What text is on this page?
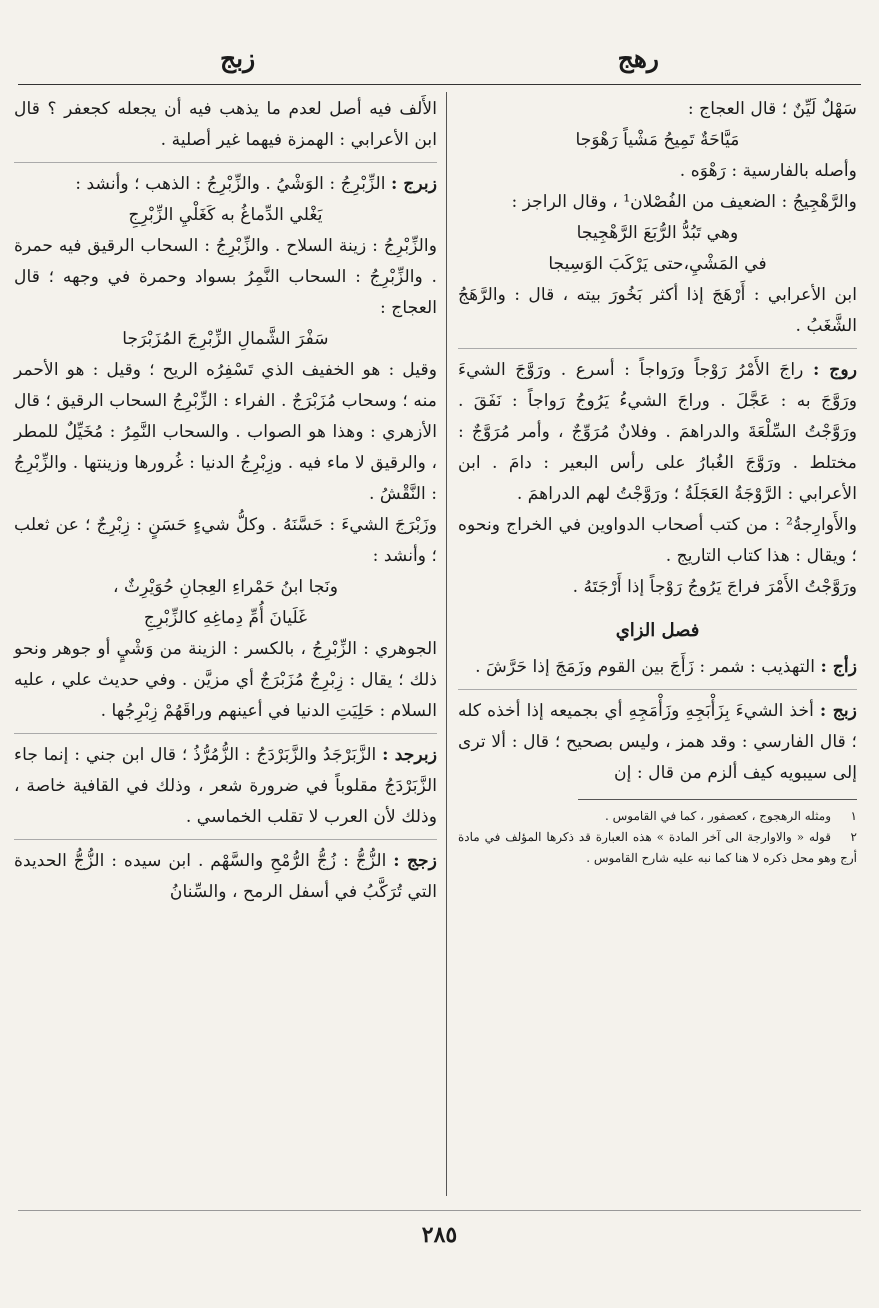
رهج
زبج

سَهْلٌ لَيِّنٌ ؛ قال العجاج :

مَيَّاحَةٌ تَمِيحُ مَشْياً رَهْوَجا

وأصله بالفارسية : رَهْوَه .

والرَّهْجِيجُ : الضعيف من الفُصْلان¹ ، وقال الراجز :

وهي تَبُدُّ الرُّبَعَ الرَّهْجِيجا

في المَشْيِ،حتى يَرْكَبَ الوَسِيجا

ابن الأعرابي : أَرْهَجَ إذا أكثر بَخُورَ بيته ، قال : والرَّهَجُ الشَّغَبُ .

روج : راجَ الأَمْرُ رَوْجاً ورَواجاً : أسرع . ورَوَّجَ الشيءَ ورَوَّجَ به : عَجَّلَ . وراجَ الشيءُ يَرُوجُ رَواجاً : نَفَقَ . ورَوَّجْتُ السِّلْعَةَ والدراهمَ . وفلانٌ مُرَوِّجٌ ، وأمر مُرَوَّجٌ : مختلط . ورَوَّجَ الغُبارُ على رأس البعير : دامَ . ابن الأعرابي : الرَّوْجَةُ العَجَلَةُ ؛ ورَوَّجْتُ لهم الدراهمَ .

والأَوارِجةُ² : من كتب أصحاب الدواوين في الخراج ونحوه ؛ ويقال : هذا كتاب التاريج .

ورَوَّجْتُ الأَمْرَ فراجَ يَرُوجُ رَوْجاً إذا أَرْجَتَهُ .

فصل الزاي

زأج : التهذيب : شمر : زَأَجَ بين القوم وزَمَجَ إذا حَرَّشَ .

زبج : أخذ الشيءَ بِزَأْبَجِهِ وزَأْمَجِهِ أي بجميعه إذا أخذه كله ؛ قال الفارسي : وقد همز ، وليس بصحيح ؛ قال : ألا ترى إلى سيبويه كيف ألزم من قال : إن

١ومثله الرهجوج ، كعصفور ، كما في القاموس .
٢قوله « والاوارجة الى آخر المادة » هذه العبارة قد ذكرها المؤلف في مادة أرج وهو محل ذكره لا هنا كما نبه عليه شارح القاموس .

الأَلف فيه أصل لعدم ما يذهب فيه أن يجعله كجعفر ؟ قال ابن الأعرابي : الهمزة فيهما غير أصلية .

زبرج : الزِّبْرِجُ : الوَشْيُ . والزِّبْرِجُ : الذهب ؛ وأنشد :

يَغْلي الدِّماغُ به كَغَلْيِ الزِّبْرِجِ

والزِّبْرِجُ : زينة السلاح . والزِّبْرِجُ : السحاب الرقيق فيه حمرة . والزِّبْرِجُ : السحاب النَّمِرُ بسواد وحمرة في وجهه ؛ قال العجاج :

سَفْرَ الشَّمالِ الزِّبْرِجَ المُزَبْرَجا

وقيل : هو الخفيف الذي تَسْفِرُه الريح ؛ وقيل : هو الأحمر منه ؛ وسحاب مُزَبْرَجٌ . الفراء : الزِّبْرِجُ السحاب الرقيق ؛ قال الأزهري : وهذا هو الصواب . والسحاب النَّمِرُ : مُخَيِّلٌ للمطر ، والرقيق لا ماء فيه . وزِبْرِجُ الدنيا : غُرورها وزينتها . والزِّبْرِجُ : النَّقْشُ .

وزَبْرَجَ الشيءَ : حَسَّنَهُ . وكلُّ شيءٍ حَسَنٍ : زِبْرِجٌ ؛ عن ثعلب ؛ وأنشد :

ونَجا ابنُ حَمْراءِ العِجانِ حُوَيْرِثٌ ،

غَلَيانَ أُمِّ دِماغِهِ كالزِّبْرِجِ

الجوهري : الزِّبْرِجُ ، بالكسر : الزينة من وَشْيٍ أو جوهر ونحو ذلك ؛ يقال : زِبْرِجٌ مُزَبْرَجٌ أي مزيَّن . وفي حديث علي ، عليه السلام : حَلِيَتِ الدنيا في أعينهم وراقَهُمْ زِبْرِجُها .

زبرجد : الزَّبَرْجَدُ والزَّبَرْدَجُ : الزُّمُرُّذُ ؛ قال ابن جني : إنما جاء الزَّبَرْدَجُ مقلوباً في ضرورة شعر ، وذلك في القافية خاصة ، وذلك لأن العرب لا تقلب الخماسي .

زجج : الزُّجُّ : زُجُّ الرُّمْحِ والسَّهْم . ابن سيده : الزُّجُّ الحديدة التي تُرَكَّبُ في أسفل الرمح ، والسِّنانُ

٢٨٥
